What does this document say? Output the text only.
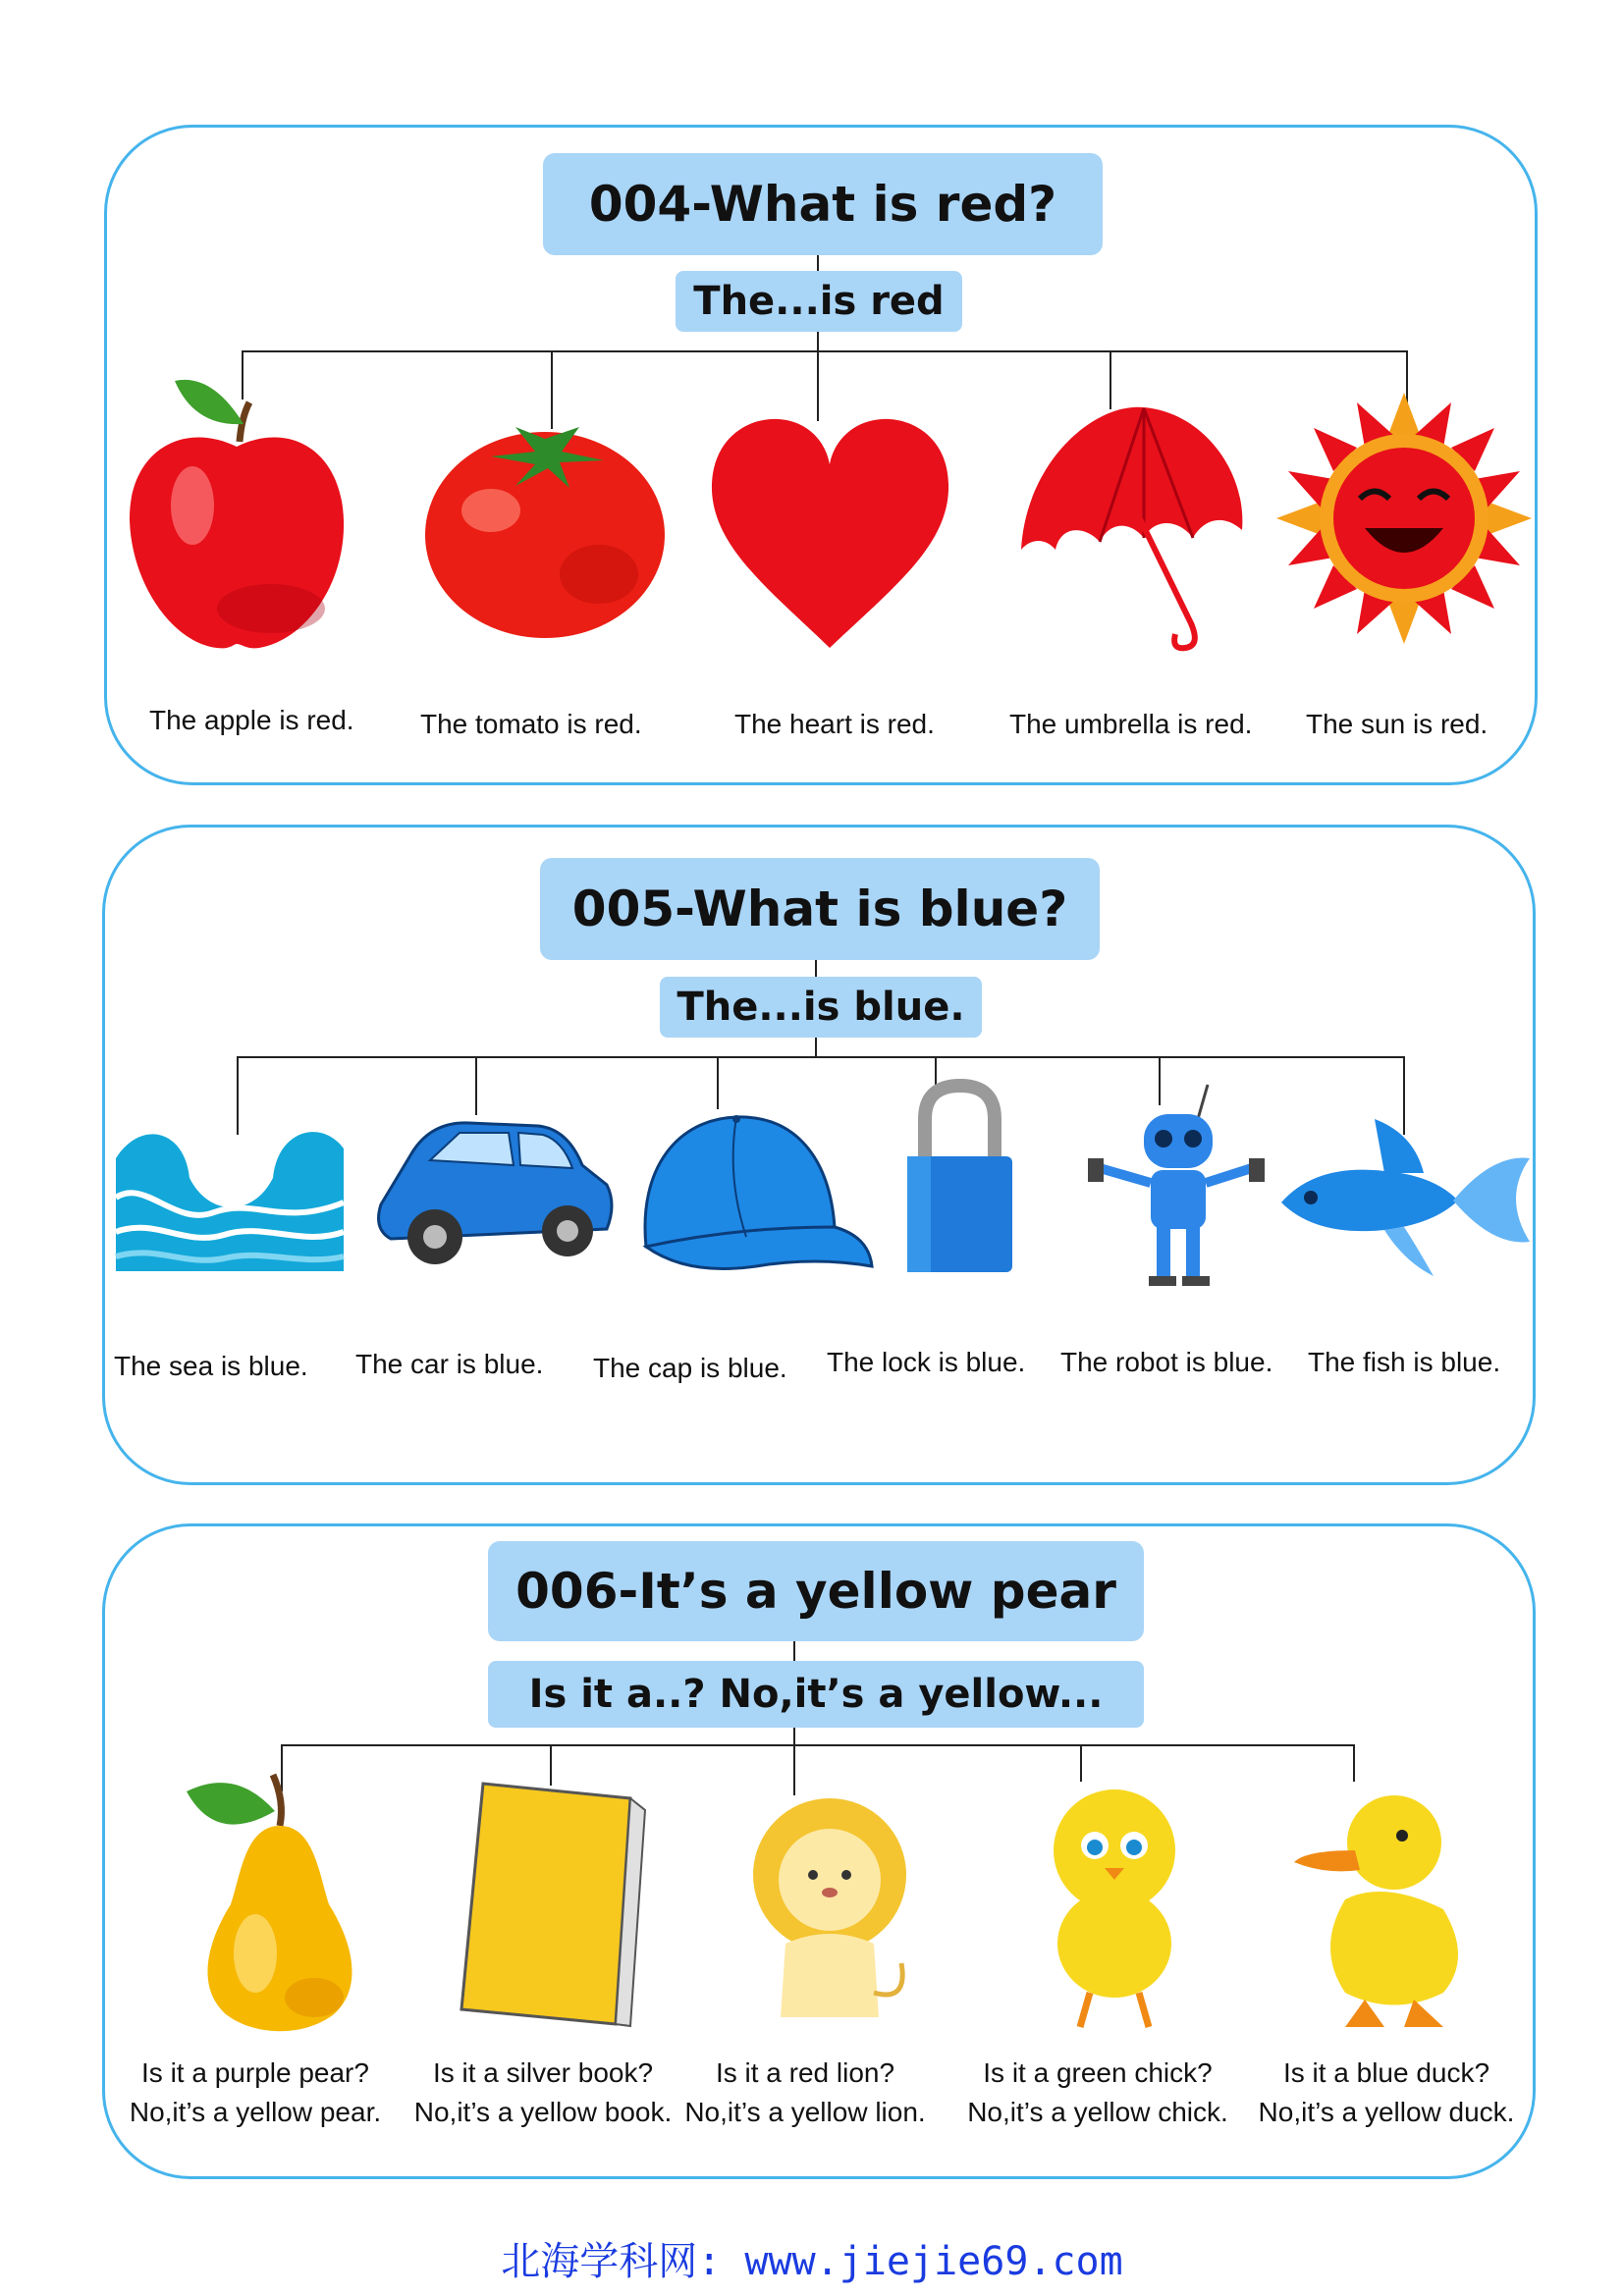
004-What is red?
The...is red
The apple is red. The tomato is red.	The heart is red.	The umbrella is red. The sun is red.
005-What is blue?
The...is blue.
The sea is blue. The car is blue. The cap is blue. The lock is blue. The robot is blue. The fish is blue.
006-It’s a yellow pear
Is it a..? No,it’s a yellow...
Is it a purple pear?
No,it’s a yellow pear.
Is it a silver book?
No,it’s a yellow book.
Is it a red lion?
No,it’s a yellow lion.
Is it a green chick?
No,it’s a yellow chick.
Is it a blue duck?
No,it’s a yellow duck.
北海学科网: www.jiejie69.com
